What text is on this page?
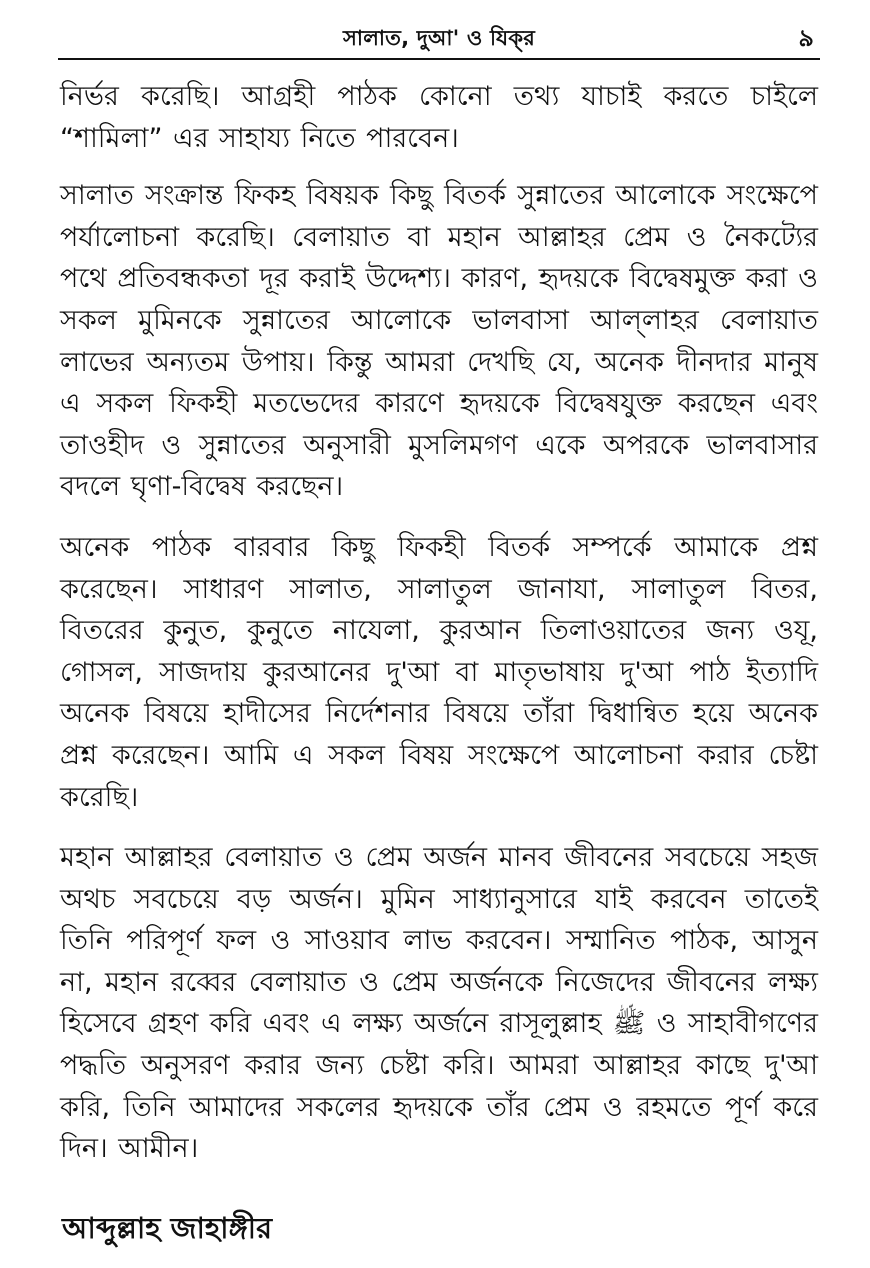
সালাত, দুআ' ও যিক্‌র	৯

নির্ভর করেছি। আগ্রহী পাঠক কোনো তথ্য যাচাই করতে চাইলে “শামিলা” এর সাহায্য নিতে পারবেন।

সালাত সংক্রান্ত ফিকহ বিষয়ক কিছু বিতর্ক সুন্নাতের আলোকে সংক্ষেপে পর্যালোচনা করেছি। বেলায়াত বা মহান আল্লাহর প্রেম ও নৈকট্যের পথে প্রতিবন্ধকতা দূর করাই উদ্দেশ্য। কারণ, হৃদয়কে বিদ্বেষমুক্ত করা ও সকল মুমিনকে সুন্নাতের আলোকে ভালবাসা আল্‌লাহর বেলায়াত লাভের অন্যতম উপায়। কিন্তু আমরা দেখছি যে, অনেক দীনদার মানুষ এ সকল ফিকহী মতভেদের কারণে হৃদয়কে বিদ্বেষযুক্ত করছেন এবং তাওহীদ ও সুন্নাতের অনুসারী মুসলিমগণ একে অপরকে ভালবাসার বদলে ঘৃণা-বিদ্বেষ করছেন।

অনেক পাঠক বারবার কিছু ফিকহী বিতর্ক সম্পর্কে আমাকে প্রশ্ন করেছেন। সাধারণ সালাত, সালাতুল জানাযা, সালাতুল বিতর, বিতরের কুনুত, কুনুতে নাযেলা, কুরআন তিলাওয়াতের জন্য ওযূ, গোসল, সাজদায় কুরআনের দু'আ বা মাতৃভাষায় দু'আ পাঠ ইত্যাদি অনেক বিষয়ে হাদীসের নির্দেশনার বিষয়ে তাঁরা দ্বিধান্বিত হয়ে অনেক প্রশ্ন করেছেন। আমি এ সকল বিষয় সংক্ষেপে আলোচনা করার চেষ্টা করেছি।

মহান আল্লাহর বেলায়াত ও প্রেম অর্জন মানব জীবনের সবচেয়ে সহজ অথচ সবচেয়ে বড় অর্জন। মুমিন সাধ্যানুসারে যাই করবেন তাতেই তিনি পরিপূর্ণ ফল ও সাওয়াব লাভ করবেন। সম্মানিত পাঠক, আসুন না, মহান রব্বের বেলায়াত ও প্রেম অর্জনকে নিজেদের জীবনের লক্ষ্য হিসেবে গ্রহণ করি এবং এ লক্ষ্য অর্জনে রাসূলুল্লাহ ﷺ ও সাহাবীগণের পদ্ধতি অনুসরণ করার জন্য চেষ্টা করি। আমরা আল্লাহর কাছে দু'আ করি, তিনি আমাদের সকলের হৃদয়কে তাঁর প্রেম ও রহমতে পূর্ণ করে দিন। আমীন।

আব্দুল্লাহ জাহাঙ্গীর
